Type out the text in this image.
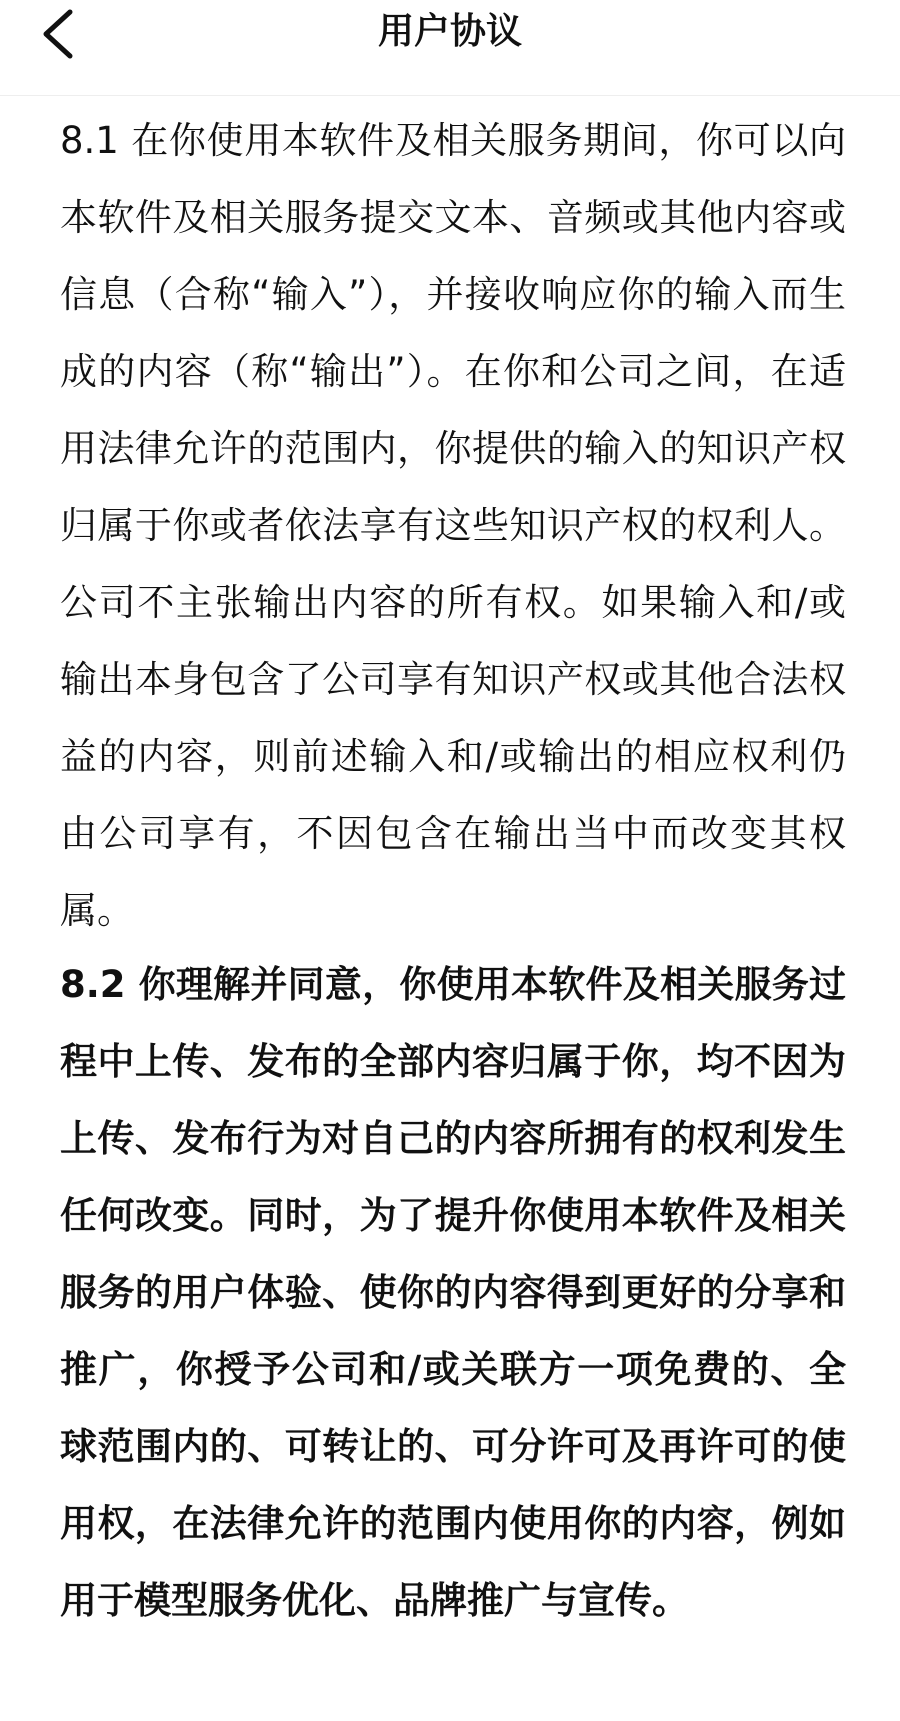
用户协议

8.1 在你使用本软件及相关服务期间，你可以向本软件及相关服务提交文本、音频或其他内容或信息（合称“输入”），并接收响应你的输入而生成的内容（称“输出”）。在你和公司之间，在适用法律允许的范围内，你提供的输入的知识产权归属于你或者依法享有这些知识产权的权利人。公司不主张输出内容的所有权。如果输入和/或输出本身包含了公司享有知识产权或其他合法权益的内容，则前述输入和/或输出的相应权利仍由公司享有，不因包含在输出当中而改变其权属。

8.2 你理解并同意，你使用本软件及相关服务过程中上传、发布的全部内容归属于你，均不因为上传、发布行为对自己的内容所拥有的权利发生任何改变。同时，为了提升你使用本软件及相关服务的用户体验、使你的内容得到更好的分享和推广，你授予公司和/或关联方一项免费的、全球范围内的、可转让的、可分许可及再许可的使用权，在法律允许的范围内使用你的内容，例如用于模型服务优化、品牌推广与宣传。
